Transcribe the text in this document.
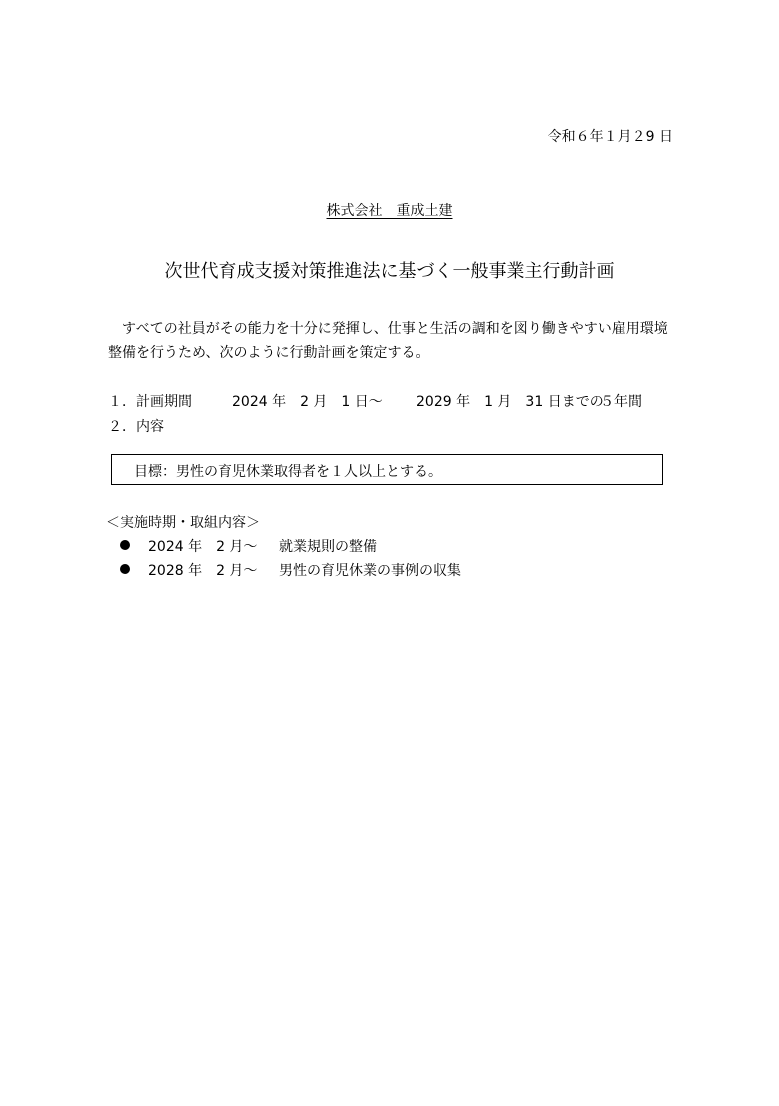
令和６年１月２9 日
株式会社　重成土建
次世代育成支援対策推進法に基づく一般事業主行動計画
　すべての社員がその能力を十分に発揮し、仕事と生活の調和を図り働きやすい雇用環境
整備を行うため、次のように行動計画を策定する。
１．計画期間	2024 年　2 月　1 日～ 2029 年　1 月　31 日までの５年間
２．内容
目標：男性の育児休業取得者を１人以上とする。
＜実施時期・取組内容＞
2024 年　2 月～ 就業規則の整備
2028 年　2 月～ 男性の育児休業の事例の収集
